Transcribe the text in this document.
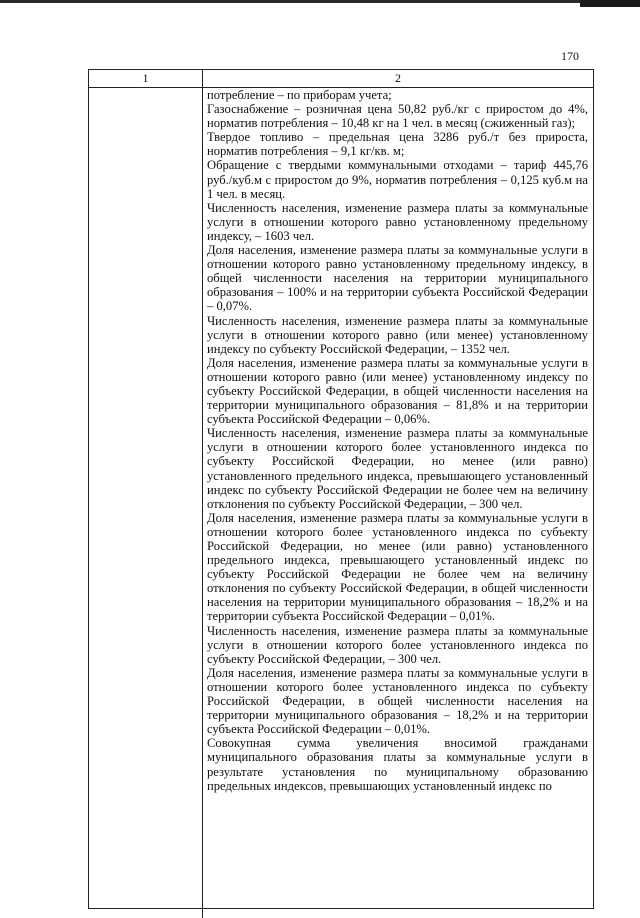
170
1	2

потребление – по приборам учета;

Газоснабжение – розничная цена 50,82 руб./кг с приростом до 4%, норматив потребления – 10,48 кг на 1 чел. в месяц (сжиженный газ);

Твердое топливо – предельная цена 3286 руб./т без прироста, норматив потребления – 9,1 кг/кв. м;

Обращение с твердыми коммунальными отходами – тариф 445,76 руб./куб.м с приростом до 9%, норматив потребления – 0,125 куб.м на 1 чел. в месяц.

Численность населения, изменение размера платы за коммунальные услуги в отношении которого равно установленному предельному индексу, – 1603 чел.

Доля населения, изменение размера платы за коммунальные услуги в отношении которого равно установленному предельному индексу, в общей численности населения на территории муниципального образования – 100% и на территории субъекта Российской Федерации – 0,07%.

Численность населения, изменение размера платы за коммунальные услуги в отношении которого равно (или менее) установленному индексу по субъекту Российской Федерации, – 1352 чел.

Доля населения, изменение размера платы за коммунальные услуги в отношении которого равно (или менее) установленному индексу по субъекту Российской Федерации, в общей численности населения на территории муниципального образования – 81,8% и на территории субъекта Российской Федерации – 0,06%.

Численность населения, изменение размера платы за коммунальные услуги в отношении которого более установленного индекса по субъекту Российской Федерации, но менее (или равно) установленного предельного индекса, превышающего установленный индекс по субъекту Российской Федерации не более чем на величину отклонения по субъекту Российской Федерации, – 300 чел.

Доля населения, изменение размера платы за коммунальные услуги в отношении которого более установленного индекса по субъекту Российской Федерации, но менее (или равно) установленного предельного индекса, превышающего установленный индекс по субъекту Российской Федерации не более чем на величину отклонения по субъекту Российской Федерации, в общей численности населения на территории муниципального образования – 18,2% и на территории субъекта Российской Федерации – 0,01%.

Численность населения, изменение размера платы за коммунальные услуги в отношении которого более установленного индекса по субъекту Российской Федерации, – 300 чел.

Доля населения, изменение размера платы за коммунальные услуги в отношении которого более установленного индекса по субъекту Российской Федерации, в общей численности населения на территории муниципального образования – 18,2% и на территории субъекта Российской Федерации – 0,01%.

Совокупная сумма увеличения вносимой гражданами муниципального образования платы за коммунальные услуги в результате установления по муниципальному образованию предельных индексов, превышающих установленный индекс по
